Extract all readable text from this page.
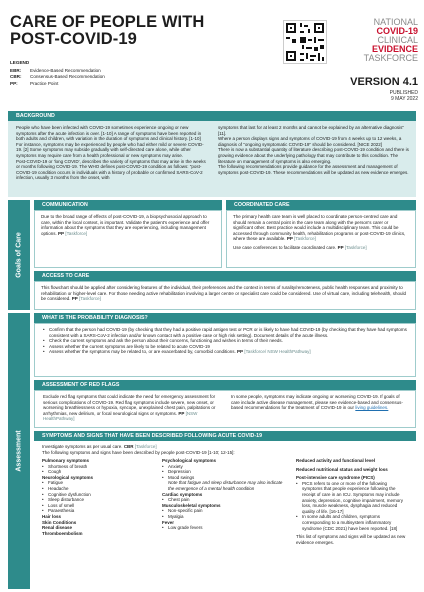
CARE OF PEOPLE WITH
POST-COVID-19
LEGEND
EBR:	Evidence-Based Recommendation
CBR:	Consensus-Based Recommendation
PP:	Practice Point
NATIONAL
COVID-19
CLINICAL
EVIDENCE
TASKFORCE
VERSION 4.1
PUBLISHED
9 MAY 2022
BACKGROUND

People who have been infected with COVID-19 sometimes experience ongoing or new symptoms after the acute infection is over. [1-10] A range of symptoms have been reported in both adults and children, with variation in the duration of symptoms and clinical history. [1-10] For instance, symptoms may be experienced by people who had either mild or severe COVID-19. [2] Some symptoms may subside gradually with self-directed care alone, while other symptoms may require care from a health professional or new symptoms may arise.

Post-COVID-19 or 'long COVID', describes the variety of symptoms that may arise in the weeks or months following COVID-19. The WHO defines post-COVID-19 condition as follows: "post-COVID-19 condition occurs in individuals with a history of probable or confirmed SARS-CoV-2 infection, usually 3 months from the onset, with

symptoms that last for at least 2 months and cannot be explained by an alternative diagnosis" [11].

Where a person displays signs and symptoms of COVID-19 from 4 weeks up to 12 weeks, a diagnosis of "ongoing symptomatic COVID-19" should be considered. [NICE 2022]

There is now a substantial quantity of literature describing post-COVID-19 condition and there is growing evidence about the underlying pathology that may contribute to this condition. The literature on management of symptoms is also emerging.

The following recommendations provide guidance for the assessment and management of symptoms post-COVID-19. These recommendations will be updated as new evidence emerges.

Goals of Care
COMMUNICATION
Due to the broad range of effects of post-COVID-19, a biopsychosocial approach to care, within the local context, is important. Validate the patient's experience and offer information about the symptoms that they are experiencing, including management options. PP [Taskforce]
COORDINATED CARE

The primary health care team is well placed to coordinate person-centred care and should remain a central point in the care team along with the person's carer or significant other. Best practice would include a multidisciplinary team. This could be accessed through community health, rehabilitation programs or post-COVID-19 clinics, where these are available. PP [Taskforce]

Use case conferences to facilitate coordinated care. PP [Taskforce]

ACCESS TO CARE
This flowchart should be applied after considering features of the individual, their preferences and the context in terms of rurality/remoteness, public health responses and proximity to rehabilitation or higher-level care. For those needing active rehabilitation involving a larger centre or specialist care could be considered. Use of virtual care, including telehealth, should be considered. PP [Taskforce]
Assessment
WHAT IS THE PROBABILITY DIAGNOSIS?
• Confirm that the person had COVID-19 (by checking that they had a positive rapid antigen test or PCR or is likely to have had COVID-19 (by checking that they have had symptoms consistent with a SARS-CoV-2 infection and/or known contact with a positive case or high risk setting). Document details of the acute illness.
• Check the current symptoms and ask the person about their concerns, functioning and wishes in terms of their needs.
• Assess whether the current symptoms are likely to be related to acute COVID-19
• Assess whether the symptoms may be related to, or are exacerbated by, comorbid conditions. PP [Taskforce/ NSW HealthPathway]
ASSESSMENT OF RED FLAGS
Exclude red flag symptoms that could indicate the need for emergency assessment for serious complications of COVID-19. Red flag symptoms include severe, new onset, or worsening breathlessness or hypoxia, syncope, unexplained chest pain, palpitations or arrhythmias, new delirium, or focal neurological signs or symptoms. PP [NSW HealthPathway]
In some people, symptoms may indicate ongoing or worsening COVID-19. If goals of care include active disease management, please see evidence-based and consensus-based recommendations for the treatment of COVID-19 in our living guidelines.
SYMPTOMS AND SIGNS THAT HAVE BEEN DESCRIBED FOLLOWING ACUTE COVID-19

Investigate symptoms as per usual care. CBR [Taskforce]

The following symptoms and signs have been described by people post-COVID-19 [1-10; 12-15]:

Pulmonary symptoms
• Shortness of breath
• Cough
Neurological symptoms
• Fatigue
• Headache
• Cognitive dysfunction
• Sleep disturbance
• Loss of smell
• Paraesthesia
Hair loss
Skin Conditions
Renal disease
Thromboembolism
Psychological symptoms
• Anxiety
• Depression
• Mood swings
Note that fatigue and sleep disturbance may also indicate the emergence of a mental health condition
Cardiac symptoms
• Chest pain
Musculoskeletal symptoms
• Non-specific pain
• Myalgia
Fever
• Low grade fevers
Reduced activity and functional level
Reduced nutritional status and weight loss
Post-intensive care syndrome (PICS)
• PICS refers to one or more of the following symptoms that people experience following the receipt of care in an ICU. Symptoms may include anxiety, depression, cognitive impairment, memory loss, muscle weakness, dysphagia and reduced quality of life. [16-17]
• In some adults and children, symptoms corresponding to a multisystem inflammatory syndrome (CDC 2021) have been reported. [18]

This list of symptoms and signs will be updated as new evidence emerges.
